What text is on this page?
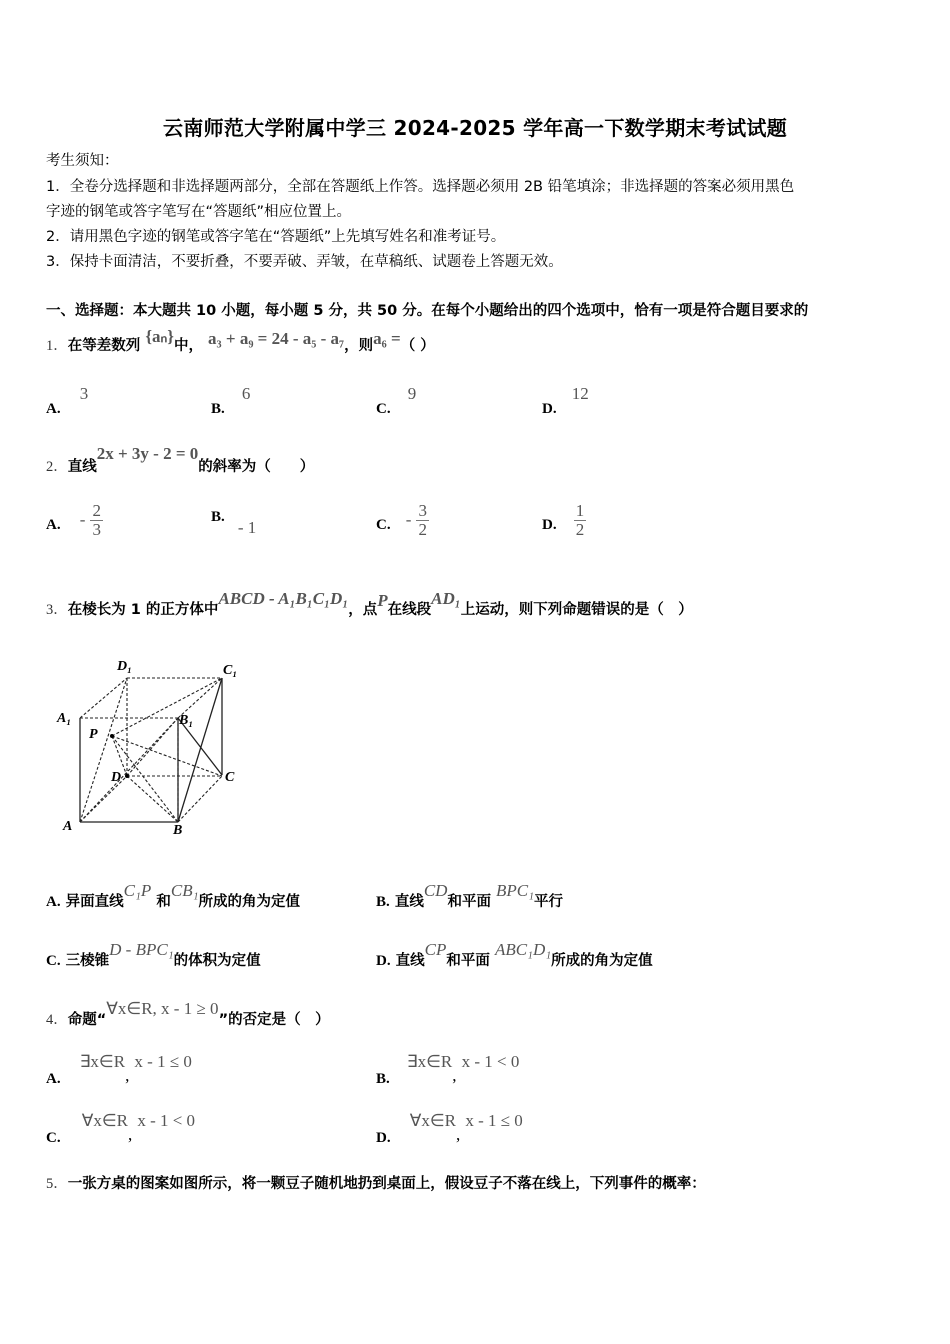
云南师范大学附属中学三 2024-2025 学年高一下数学期末考试试题
考生须知：
1．全卷分选择题和非选择题两部分，全部在答题纸上作答。选择题必须用 2B 铅笔填涂；非选择题的答案必须用黑色
字迹的钢笔或答字笔写在“答题纸”相应位置上。
2．请用黑色字迹的钢笔或答字笔在“答题纸”上先填写姓名和准考证号。
3．保持卡面清洁，不要折叠，不要弄破、弄皱，在草稿纸、试题卷上答题无效。
一、选择题：本大题共 10 小题，每小题 5 分，共 50 分。在每个小题给出的四个选项中，恰有一项是符合题目要求的
1．在等差数列 {aₙ}中， a₃ + a₉ = 24 - a₅ - a₇，则a₆ =（ ）
A. 3
B. 6
C. 9
D. 12
2．直线2x + 3y - 2 = 0的斜率为（　　）
A. - $\frac{2}{3}$	B. - 1	C. - $\frac{3}{2}$	D. $\frac{1}{2}$
3．在棱长为 1 的正方体中ABCD - A₁B₁C₁D₁，点P在线段AD₁上运动，则下列命题错误的是（　）
D₁	C₁
A₁	B₁
P
D	C
A	B
A. 异面直线C₁P 和CB₁所成的角为定值	B. 直线CD和平面 BPC₁平行
C. 三棱锥D - BPC₁的体积为定值	D. 直线CP和平面 ABC₁D₁所成的角为定值
4．命题“∀x∈R, x - 1 ≥ 0”的否定是（　）
A. ∃x∈R, x - 1 ≤ 0
B. ∃x∈R, x - 1 < 0
C. ∀x∈R, x - 1 < 0
D. ∀x∈R, x - 1 ≤ 0
5．一张方桌的图案如图所示，将一颗豆子随机地扔到桌面上，假设豆子不落在线上，下列事件的概率：
